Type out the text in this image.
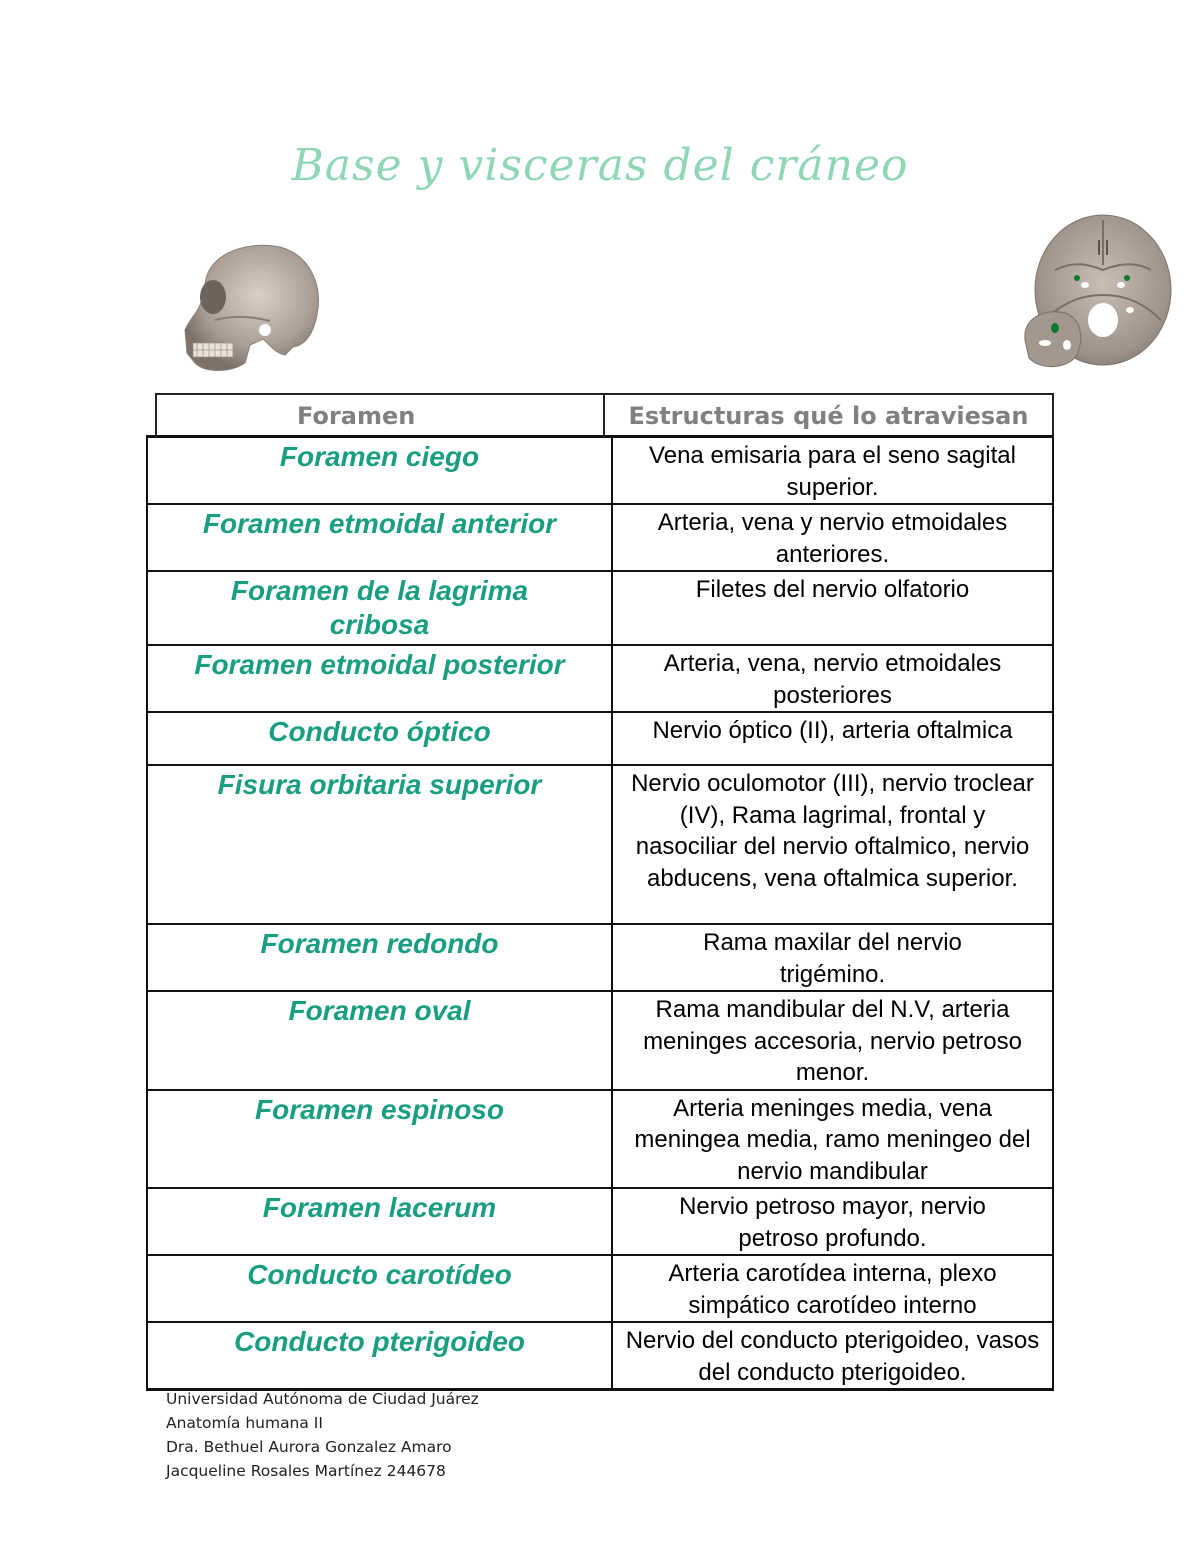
Base y visceras del cráneo
Foramen	Estructuras qué lo atraviesan
Foramen ciego	Vena emisaria para el seno sagital superior.
Foramen etmoidal anterior	Arteria, vena y nervio etmoidales anteriores.
Foramen de la lagrima cribosa	Filetes del nervio olfatorio
Foramen etmoidal posterior	Arteria, vena, nervio etmoidales posteriores
Conducto óptico	Nervio óptico (II), arteria oftalmica
Fisura orbitaria superior	Nervio oculomotor (III), nervio troclear (IV), Rama lagrimal, frontal y nasociliar del nervio oftalmico, nervio abducens, vena oftalmica superior.
Foramen redondo	Rama maxilar del nervio trigémino.
Foramen oval	Rama mandibular del N.V, arteria meninges accesoria, nervio petroso menor.
Foramen espinoso	Arteria meninges media, vena meningea media, ramo meningeo del nervio mandibular
Foramen lacerum	Nervio petroso mayor, nervio petroso profundo.
Conducto carotídeo	Arteria carotídea interna, plexo simpático carotídeo interno
Conducto pterigoideo	Nervio del conducto pterigoideo, vasos del conducto pterigoideo.
Universidad Autónoma de Ciudad Juárez
Anatomía humana II
Dra. Bethuel Aurora Gonzalez Amaro
Jacqueline Rosales Martínez 244678
